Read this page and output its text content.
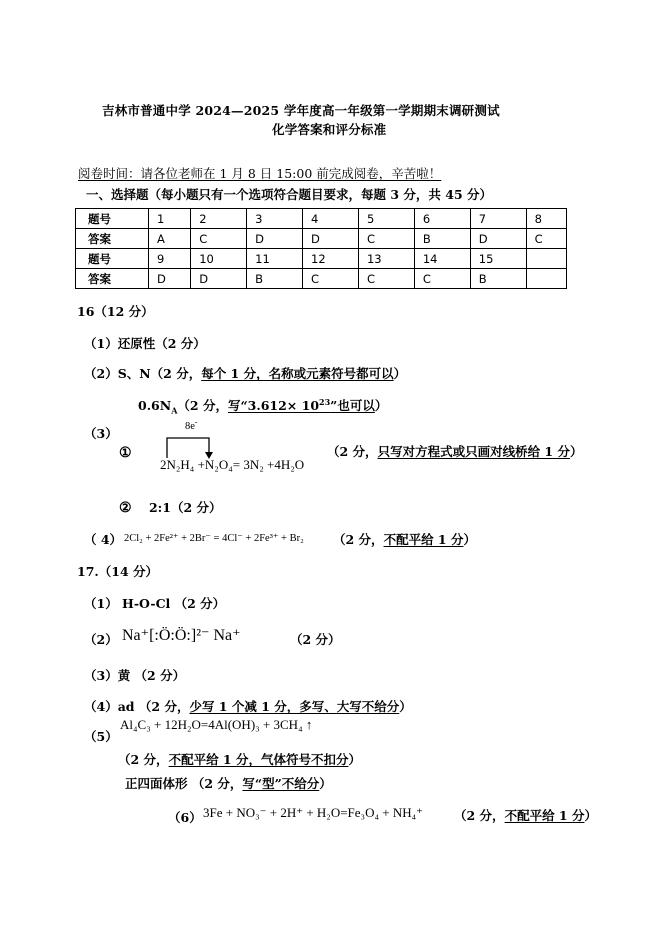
吉林市普通中学 2024—2025 学年度高一年级第一学期期末调研测试
化学答案和评分标准
阅卷时间：请各位老师在 1 月 8 日 15:00 前完成阅卷，辛苦啦！
一、选择题（每小题只有一个选项符合题目要求，每题 3 分，共 45 分）
题号	1	2	3	4	5	6	7	8
答案	A	C	D	D	C	B	D	C
题号	9	10	11	12	13	14	15	
答案	D	D	B	C	C	C	B	
16（12 分）
（1）还原性（2 分）
（2）S、N（2 分，每个 1 分，名称或元素符号都可以）
$0.6N_A(2$ 分，写“$3.612\times 10^{23}$”也可以）
（3）
①
8e-
2N₂H₄ +N₂O₄= 3N₂ +4H₂O
（2 分，只写对方程式或只画对线桥给 1 分）
② 2:1（2 分）
（ 4） 2Cl₂ + 2Fe²⁺ + 2Br⁻ = 4Cl⁻ + 2Fe³⁺ + Br₂ （2 分，不配平给 1 分）
17.（14 分）
（1） H-O-Cl （2 分）
（2） Na⁺[:Ö:Ö:]²⁻ Na⁺	（2 分）
（3）黄 （2 分）
（4）ad （2 分，少写 1 个减 1 分，多写、大写不给分）
（5）
Al₄C₃ + 12H₂O=4Al(OH)₃ + 3CH₄ ↑
（2 分，不配平给 1 分，气体符号不扣分）
正四面体形 （2 分，写“型”不给分）
（6） 3Fe + NO₃⁻ + 2H⁺ + H₂O=Fe₃O₄ + NH₄⁺ （2 分，不配平给 1 分）
